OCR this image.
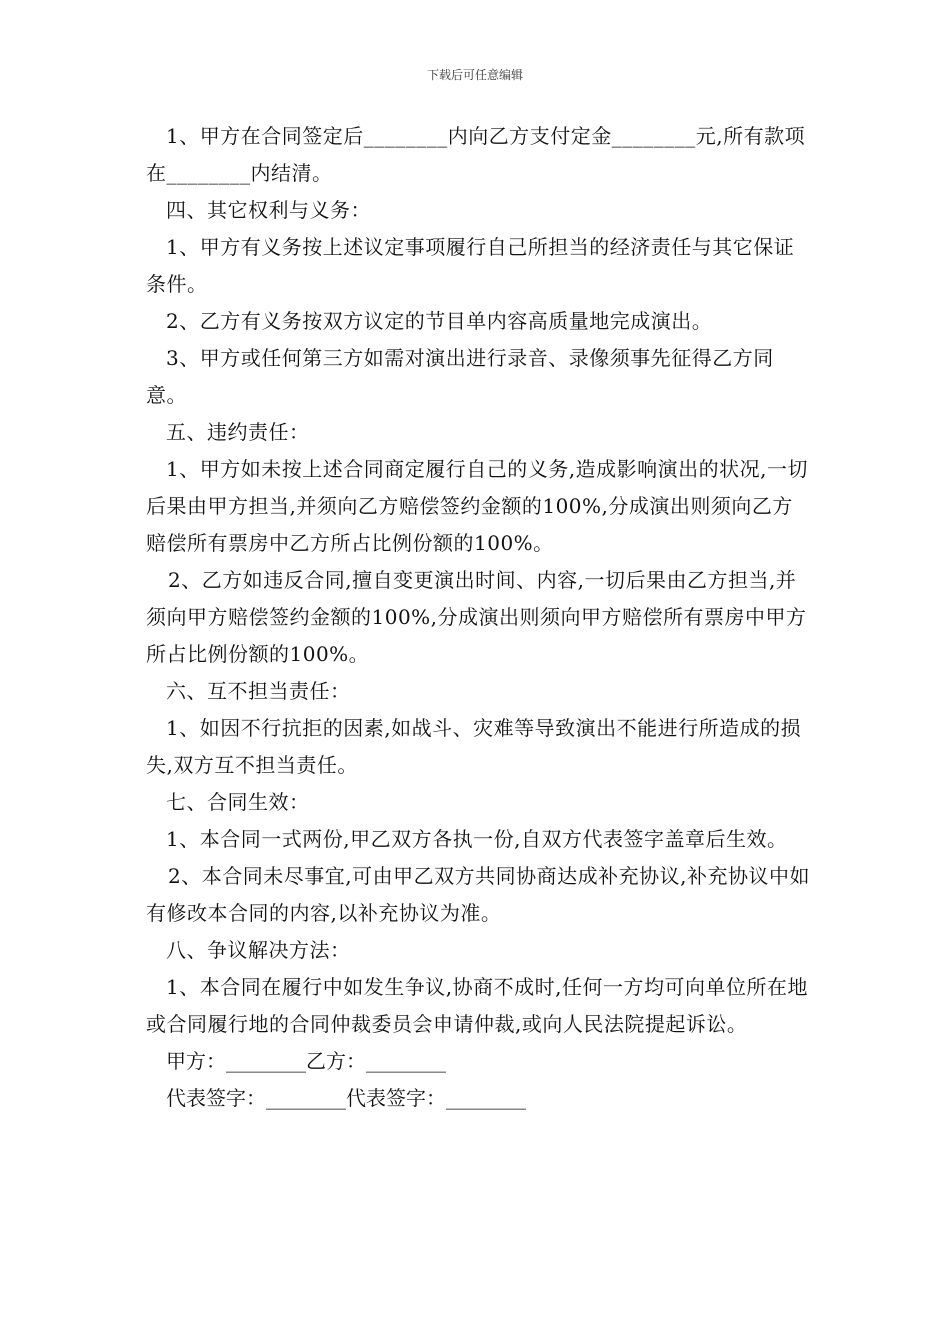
下载后可任意编辑

1、甲方在合同签定后________内向乙方支付定金________元,所有款项在________内结清。

四、其它权利与义务：

1、甲方有义务按上述议定事项履行自己所担当的经济责任与其它保证条件。

2、乙方有义务按双方议定的节目单内容高质量地完成演出。

3、甲方或任何第三方如需对演出进行录音、录像须事先征得乙方同意。

五、违约责任：

1、甲方如未按上述合同商定履行自己的义务,造成影响演出的状况,一切后果由甲方担当,并须向乙方赔偿签约金额的100%,分成演出则须向乙方赔偿所有票房中乙方所占比例份额的100%。

2、乙方如违反合同,擅自变更演出时间、内容,一切后果由乙方担当,并须向甲方赔偿签约金额的100%,分成演出则须向甲方赔偿所有票房中甲方所占比例份额的100%。

六、互不担当责任：

1、如因不行抗拒的因素,如战斗、灾难等导致演出不能进行所造成的损失,双方互不担当责任。

七、合同生效：

1、本合同一式两份,甲乙双方各执一份,自双方代表签字盖章后生效。

2、本合同未尽事宜,可由甲乙双方共同协商达成补充协议,补充协议中如有修改本合同的内容,以补充协议为准。

八、争议解决方法：

1、本合同在履行中如发生争议,协商不成时,任何一方均可向单位所在地或合同履行地的合同仲裁委员会申请仲裁,或向人民法院提起诉讼。

甲方：________乙方：________
代表签字：________代表签字：________
